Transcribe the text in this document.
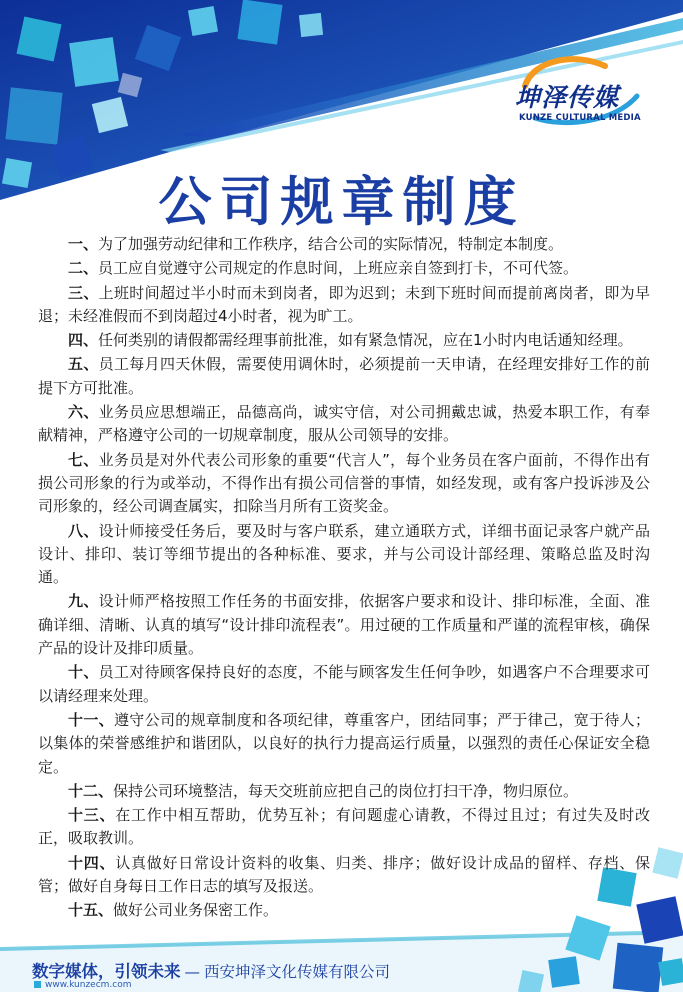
坤泽传媒
KUNZE CULTURAL MEDIA
公司规章制度

一、为了加强劳动纪律和工作秩序，结合公司的实际情况，特制定本制度。

二、员工应自觉遵守公司规定的作息时间，上班应亲自签到打卡，不可代签。

三、上班时间超过半小时而未到岗者，即为迟到；未到下班时间而提前离岗者，即为早退；未经准假而不到岗超过4小时者，视为旷工。

四、任何类别的请假都需经理事前批准，如有紧急情况，应在1小时内电话通知经理。

五、员工每月四天休假，需要使用调休时，必须提前一天申请，在经理安排好工作的前提下方可批准。

六、业务员应思想端正，品德高尚，诚实守信，对公司拥戴忠诚，热爱本职工作，有奉献精神，严格遵守公司的一切规章制度，服从公司领导的安排。

七、业务员是对外代表公司形象的重要“代言人”，每个业务员在客户面前，不得作出有损公司形象的行为或举动，不得作出有损公司信誉的事情，如经发现，或有客户投诉涉及公司形象的，经公司调查属实，扣除当月所有工资奖金。

八、设计师接受任务后，要及时与客户联系，建立通联方式，详细书面记录客户就产品设计、排印、装订等细节提出的各种标准、要求，并与公司设计部经理、策略总监及时沟通。

九、设计师严格按照工作任务的书面安排，依据客户要求和设计、排印标准，全面、准确详细、清晰、认真的填写“设计排印流程表”。用过硬的工作质量和严谨的流程审核，确保产品的设计及排印质量。

十、员工对待顾客保持良好的态度，不能与顾客发生任何争吵，如遇客户不合理要求可以请经理来处理。

十一、遵守公司的规章制度和各项纪律，尊重客户，团结同事；严于律己，宽于待人；以集体的荣誉感维护和谐团队，以良好的执行力提高运行质量，以强烈的责任心保证安全稳定。

十二、保持公司环境整洁，每天交班前应把自己的岗位打扫干净，物归原位。

十三、在工作中相互帮助，优势互补；有问题虚心请教，不得过且过；有过失及时改正，吸取教训。

十四、认真做好日常设计资料的收集、归类、排序；做好设计成品的留样、存档、保管；做好自身每日工作日志的填写及报送。

十五、做好公司业务保密工作。

数字媒体，引领未来 — 西安坤泽文化传媒有限公司
www.kunzecm.com
